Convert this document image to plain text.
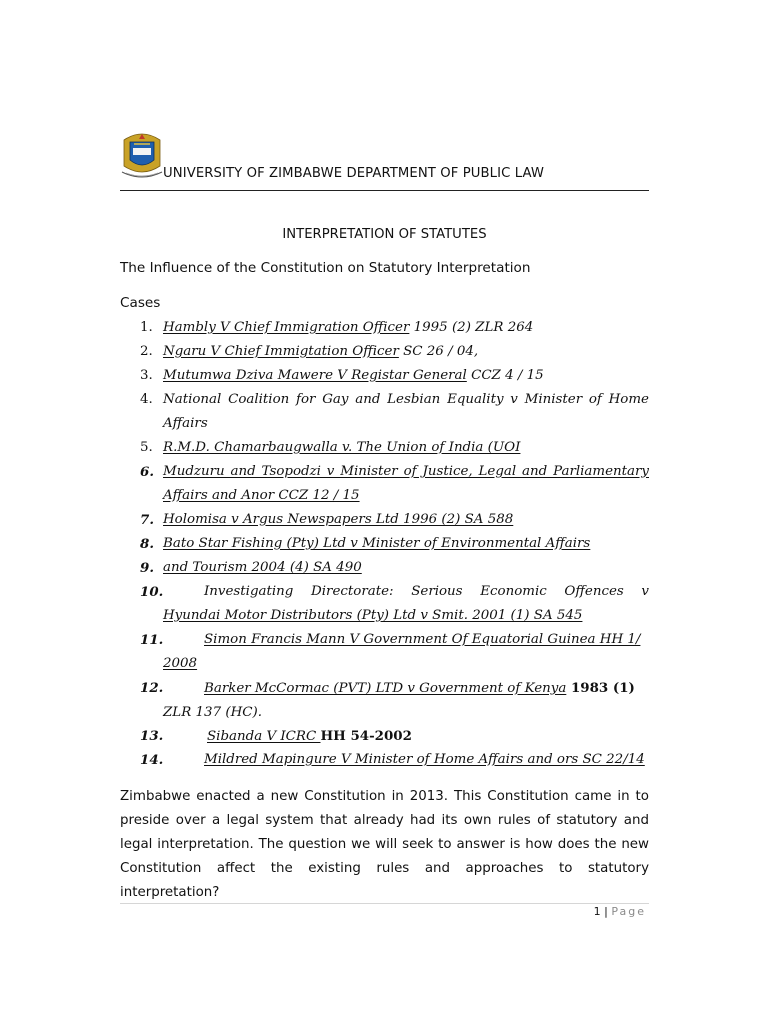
UNIVERSITY OF ZIMBABWE DEPARTMENT OF PUBLIC LAW
INTERPRETATION OF STATUTES
The Influence of the Constitution on Statutory Interpretation
Cases
1. Hambly V Chief Immigration Officer 1995 (2) ZLR 264
2. Ngaru V Chief Immigtation Officer SC 26 / 04,
3. Mutumwa Dziva Mawere V Registar General CCZ 4 / 15
4. National Coalition for Gay and Lesbian Equality v Minister of Home
Affairs
5. R.M.D. Chamarbaugwalla v. The Union of India (UOI
6. Mudzuru and Tsopodzi v Minister of Justice, Legal and Parliamentary
Affairs and Anor CCZ 12 / 15
7. Holomisa v Argus Newspapers Ltd 1996 (2) SA 588
8. Bato Star Fishing (Pty) Ltd v Minister of Environmental Affairs
9. and Tourism 2004 (4) SA 490
10.	Investigating Directorate: Serious Economic Offences v
Hyundai Motor Distributors (Pty) Ltd v Smit. 2001 (1) SA 545
11.	Simon Francis Mann V Government Of Equatorial Guinea HH 1/
2008
12.	Barker McCormac (PVT) LTD v Government of Kenya 1983 (1)
ZLR 137 (HC).
13.	Sibanda V ICRC HH 54-2002
14.	Mildred Mapingure V Minister of Home Affairs and ors SC 22/14
Zimbabwe enacted a new Constitution in 2013. This Constitution came in to preside over a legal system that already had its own rules of statutory and legal interpretation. The question we will seek to answer is how does the new Constitution affect the existing rules and approaches to statutory interpretation?
1 | Page
